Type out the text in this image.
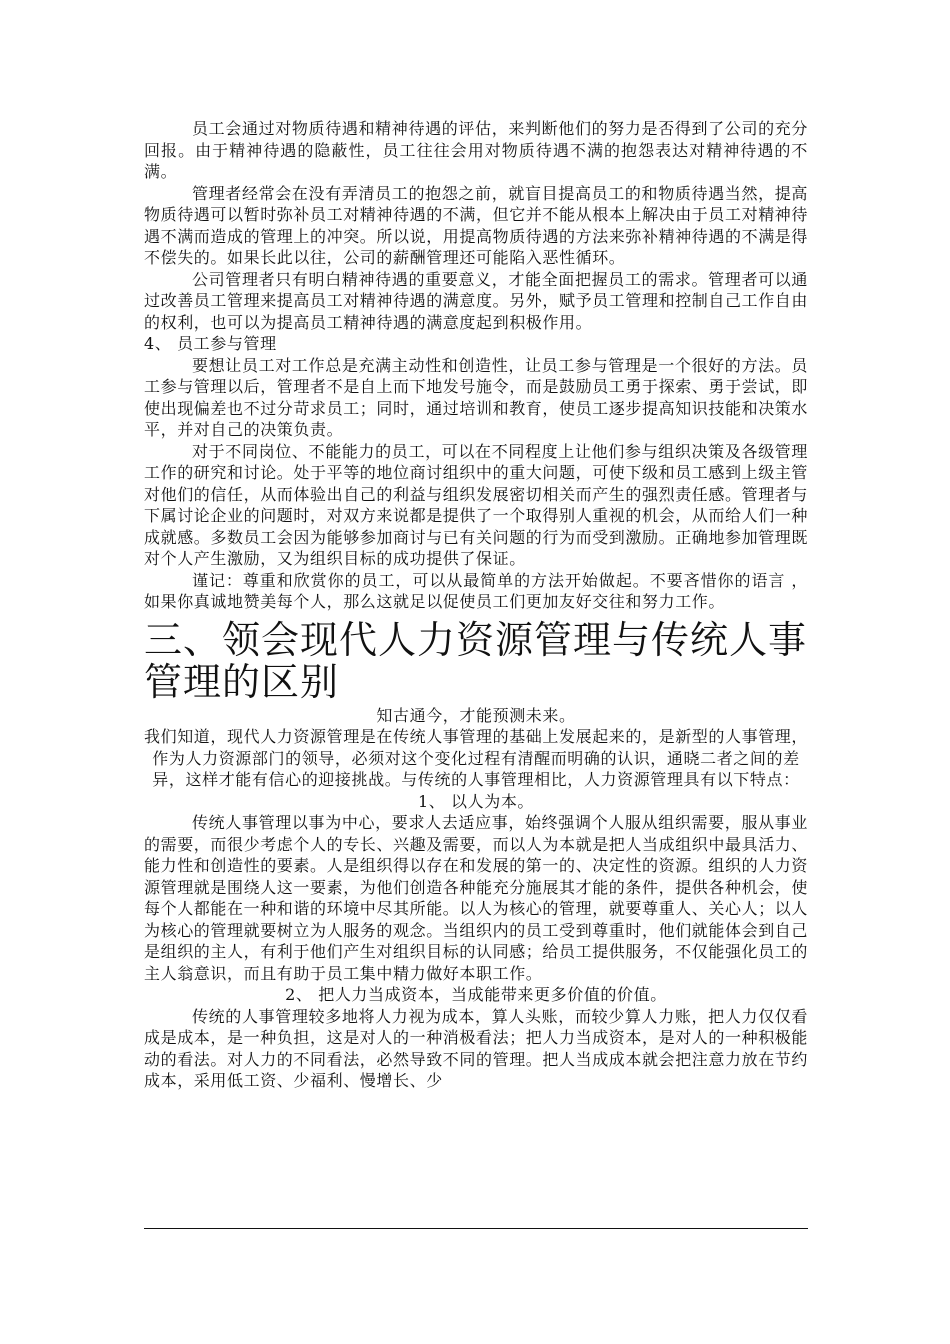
员工会通过对物质待遇和精神待遇的评估，来判断他们的努力是否得到了公司的充分回报。由于精神待遇的隐蔽性，员工往往会用对物质待遇不满的抱怨表达对精神待遇的不满。

管理者经常会在没有弄清员工的抱怨之前，就盲目提高员工的和物质待遇当然，提高物质待遇可以暂时弥补员工对精神待遇的不满，但它并不能从根本上解决由于员工对精神待遇不满而造成的管理上的冲突。所以说，用提高物质待遇的方法来弥补精神待遇的不满是得不偿失的。如果长此以往，公司的薪酬管理还可能陷入恶性循环。

公司管理者只有明白精神待遇的重要意义，才能全面把握员工的需求。管理者可以通过改善员工管理来提高员工对精神待遇的满意度。另外，赋予员工管理和控制自己工作自由的权利，也可以为提高员工精神待遇的满意度起到积极作用。

4、 员工参与管理

要想让员工对工作总是充满主动性和创造性，让员工参与管理是一个很好的方法。员工参与管理以后，管理者不是自上而下地发号施令，而是鼓励员工勇于探索、勇于尝试，即使出现偏差也不过分苛求员工；同时，通过培训和教育，使员工逐步提高知识技能和决策水平，并对自己的决策负责。

对于不同岗位、不能能力的员工，可以在不同程度上让他们参与组织决策及各级管理工作的研究和讨论。处于平等的地位商讨组织中的重大问题，可使下级和员工感到上级主管对他们的信任，从而体验出自己的利益与组织发展密切相关而产生的强烈责任感。管理者与下属讨论企业的问题时，对双方来说都是提供了一个取得别人重视的机会，从而给人们一种成就感。多数员工会因为能够参加商讨与已有关问题的行为而受到激励。正确地参加管理既对个人产生激励，又为组织目标的成功提供了保证。

谨记：尊重和欣赏你的员工，可以从最简单的方法开始做起。不要吝惜你的语言 ，如果你真诚地赞美每个人，那么这就足以促使员工们更加友好交往和努力工作。

三、领会现代人力资源管理与传统人事管理的区别

知古通今，才能预测未来。

我们知道，现代人力资源管理是在传统人事管理的基础上发展起来的，是新型的人事管理，作为人力资源部门的领导，必须对这个变化过程有清醒而明确的认识，通晓二者之间的差异，这样才能有信心的迎接挑战。与传统的人事管理相比，人力资源管理具有以下特点：

1、 以人为本。

传统人事管理以事为中心，要求人去适应事，始终强调个人服从组织需要，服从事业的需要，而很少考虑个人的专长、兴趣及需要，而以人为本就是把人当成组织中最具活力、能力性和创造性的要素。人是组织得以存在和发展的第一的、决定性的资源。组织的人力资源管理就是围绕人这一要素，为他们创造各种能充分施展其才能的条件，提供各种机会，使每个人都能在一种和谐的环境中尽其所能。以人为核心的管理，就要尊重人、关心人；以人为核心的管理就要树立为人服务的观念。当组织内的员工受到尊重时，他们就能体会到自己是组织的主人，有利于他们产生对组织目标的认同感；给员工提供服务，不仅能强化员工的主人翁意识，而且有助于员工集中精力做好本职工作。

2、 把人力当成资本，当成能带来更多价值的价值。

传统的人事管理较多地将人力视为成本，算人头账，而较少算人力账，把人力仅仅看成是成本，是一种负担，这是对人的一种消极看法；把人力当成资本，是对人的一种积极能动的看法。对人力的不同看法，必然导致不同的管理。把人当成成本就会把注意力放在节约成本，采用低工资、少福利、慢增长、少
